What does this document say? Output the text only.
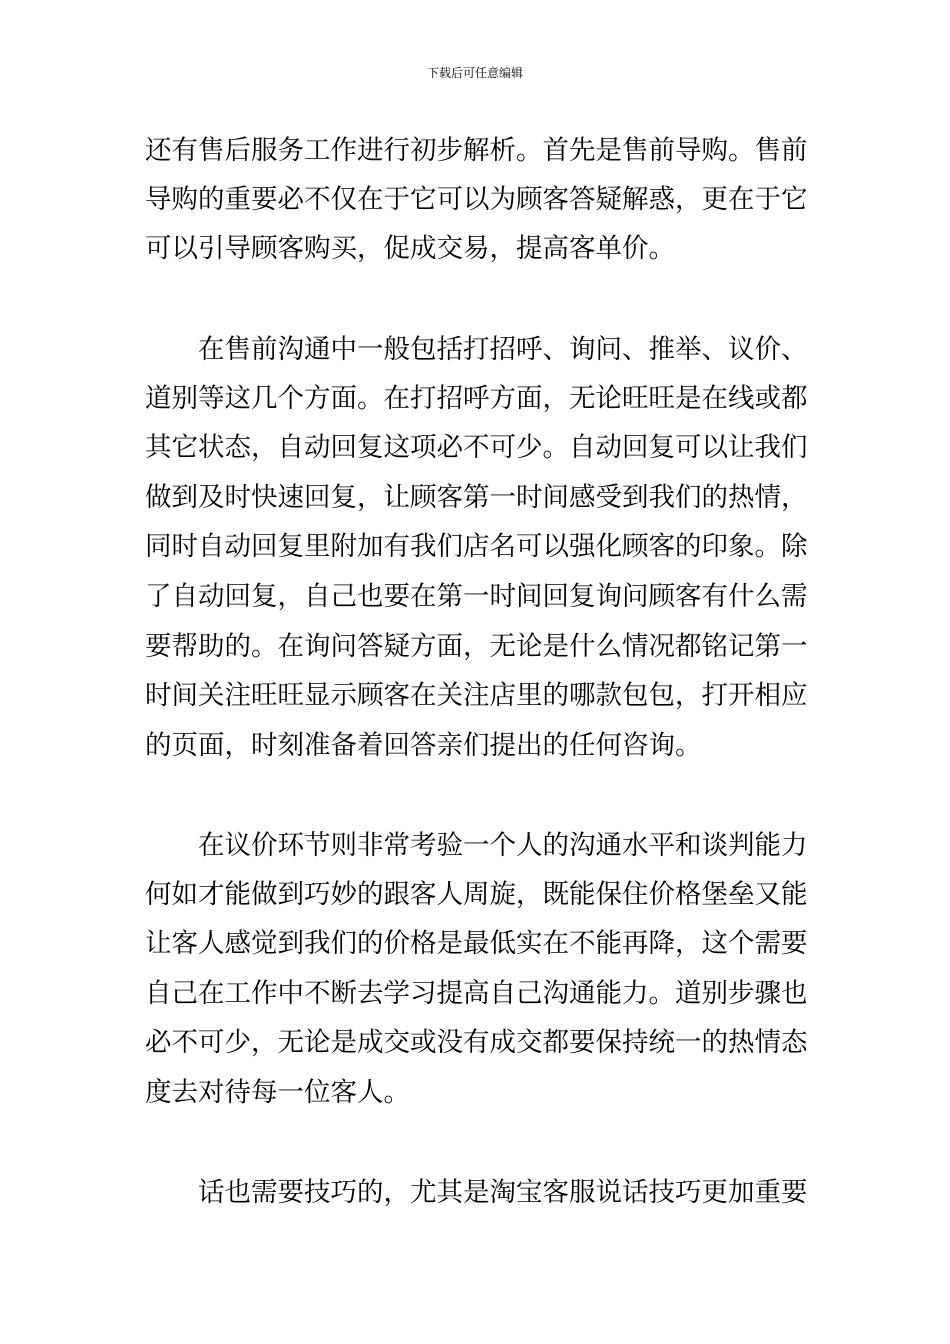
下载后可任意编辑
还有售后服务工作进行初步解析。首先是售前导购。售前
导购的重要必不仅在于它可以为顾客答疑解惑，更在于它
可以引导顾客购买，促成交易，提高客单价。
在售前沟通中一般包括打招呼、询问、推举、议价、
道别等这几个方面。在打招呼方面，无论旺旺是在线或都
其它状态，自动回复这项必不可少。自动回复可以让我们
做到及时快速回复，让顾客第一时间感受到我们的热情，
同时自动回复里附加有我们店名可以强化顾客的印象。除
了自动回复，自己也要在第一时间回复询问顾客有什么需
要帮助的。在询问答疑方面，无论是什么情况都铭记第一
时间关注旺旺显示顾客在关注店里的哪款包包，打开相应
的页面，时刻准备着回答亲们提出的任何咨询。
在议价环节则非常考验一个人的沟通水平和谈判能力
何如才能做到巧妙的跟客人周旋，既能保住价格堡垒又能
让客人感觉到我们的价格是最低实在不能再降，这个需要
自己在工作中不断去学习提高自己沟通能力。道别步骤也
必不可少，无论是成交或没有成交都要保持统一的热情态
度去对待每一位客人。
话也需要技巧的，尤其是淘宝客服说话技巧更加重要
